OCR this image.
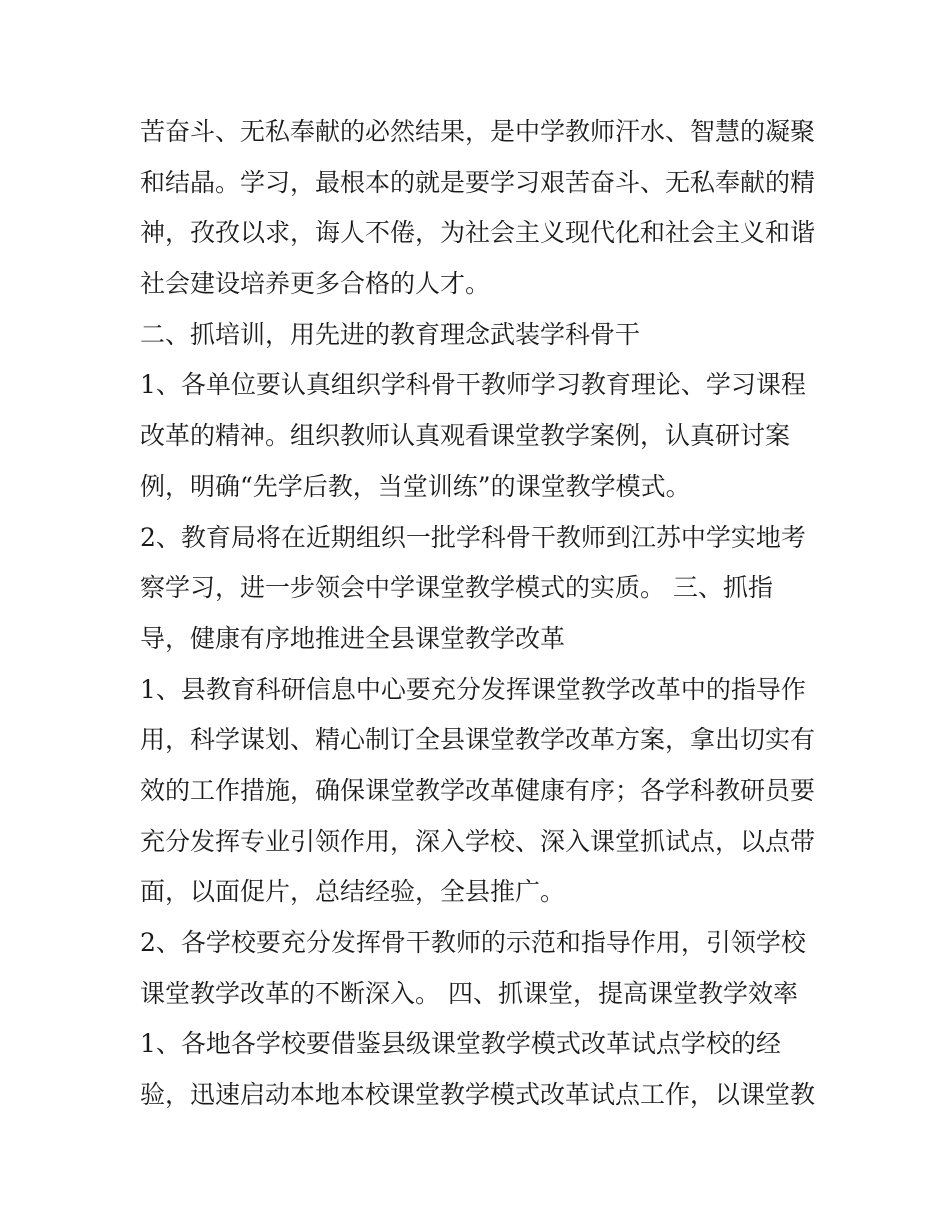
苦奋斗、无私奉献的必然结果，是中学教师汗水、智慧的凝聚
和结晶。学习，最根本的就是要学习艰苦奋斗、无私奉献的精
神，孜孜以求，诲人不倦，为社会主义现代化和社会主义和谐
社会建设培养更多合格的人才。
二、抓培训，用先进的教育理念武装学科骨干
1、各单位要认真组织学科骨干教师学习教育理论、学习课程
改革的精神。组织教师认真观看课堂教学案例，认真研讨案
例，明确“先学后教，当堂训练”的课堂教学模式。
2、教育局将在近期组织一批学科骨干教师到江苏中学实地考
察学习，进一步领会中学课堂教学模式的实质。 三、抓指
导，健康有序地推进全县课堂教学改革
1、县教育科研信息中心要充分发挥课堂教学改革中的指导作
用，科学谋划、精心制订全县课堂教学改革方案，拿出切实有
效的工作措施，确保课堂教学改革健康有序；各学科教研员要
充分发挥专业引领作用，深入学校、深入课堂抓试点，以点带
面，以面促片，总结经验，全县推广。
2、各学校要充分发挥骨干教师的示范和指导作用，引领学校
课堂教学改革的不断深入。 四、抓课堂，提高课堂教学效率
1、各地各学校要借鉴县级课堂教学模式改革试点学校的经
验，迅速启动本地本校课堂教学模式改革试点工作，以课堂教
